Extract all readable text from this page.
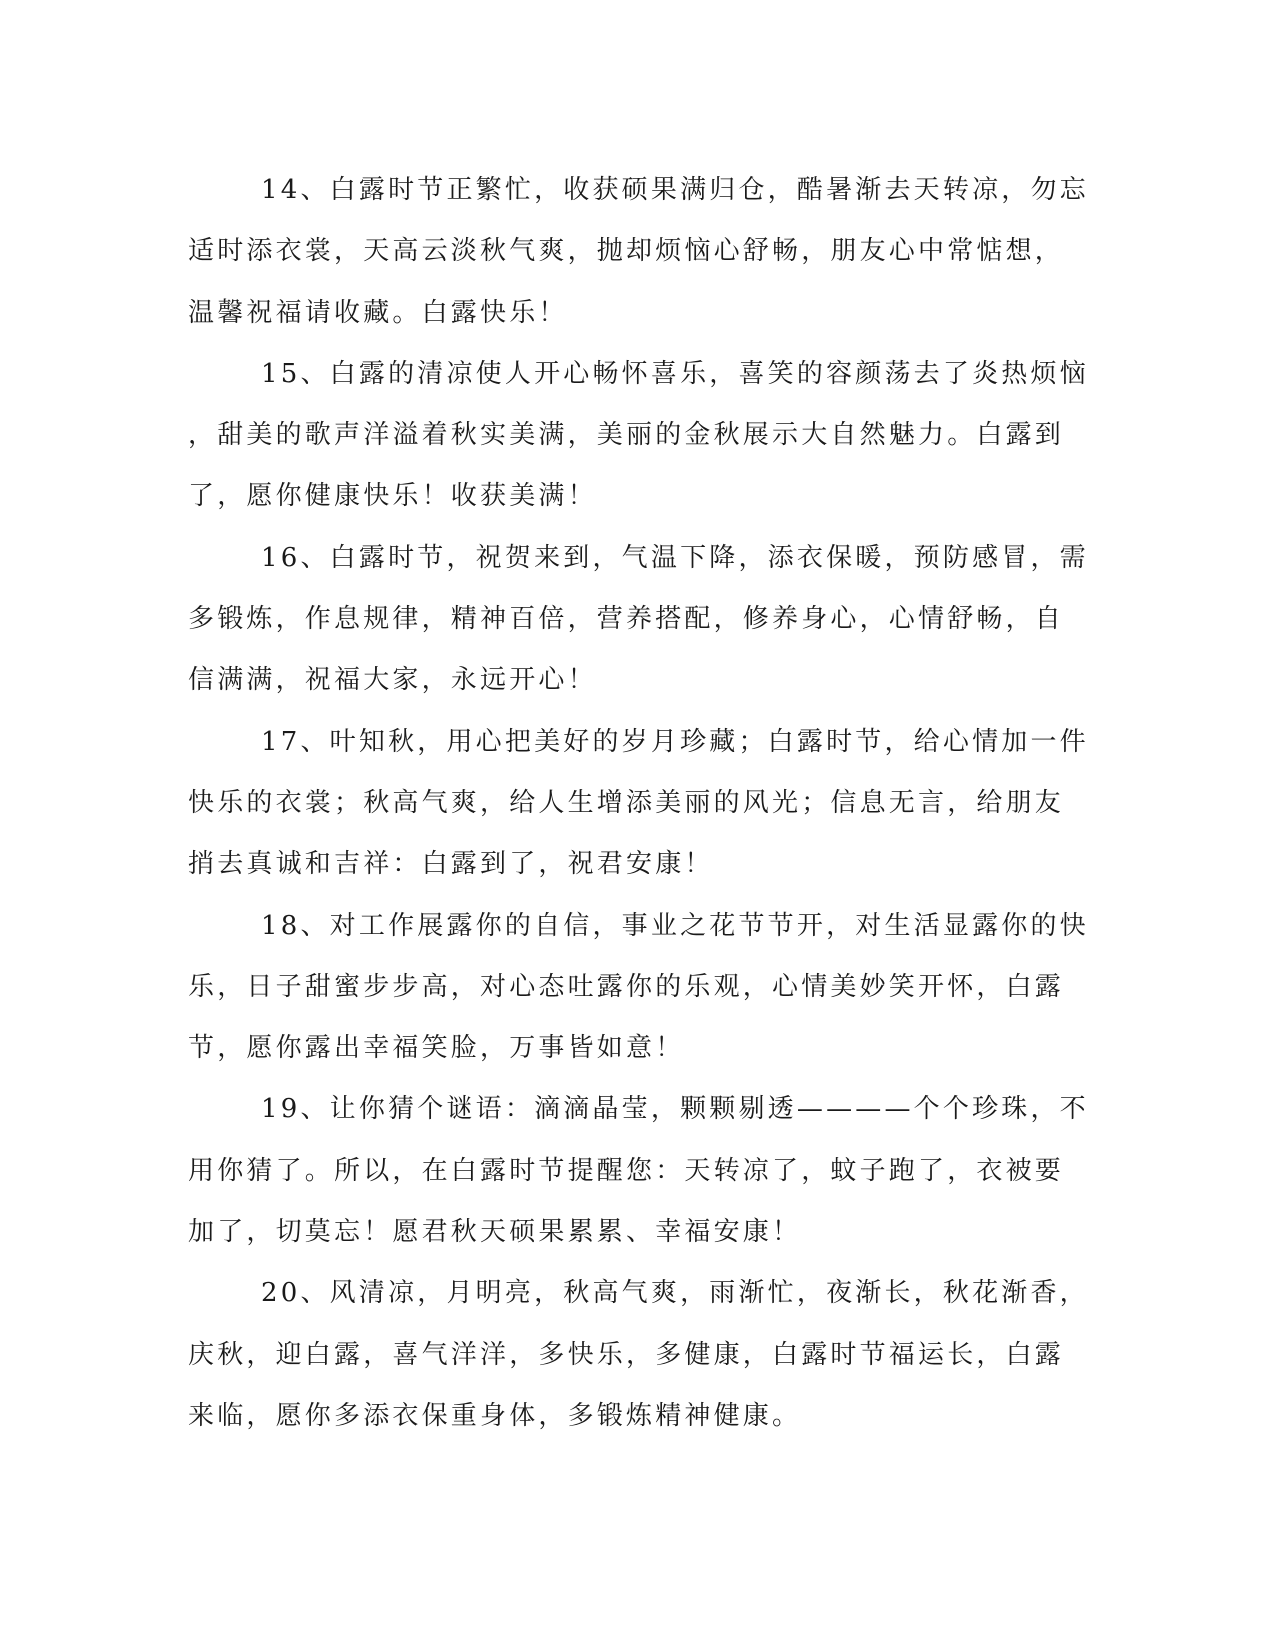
14、白露时节正繁忙，收获硕果满归仓，酷暑渐去天转凉，勿忘
适时添衣裳，天高云淡秋气爽，抛却烦恼心舒畅，朋友心中常惦想，
温馨祝福请收藏。白露快乐！
15、白露的清凉使人开心畅怀喜乐，喜笑的容颜荡去了炎热烦恼
，甜美的歌声洋溢着秋实美满，美丽的金秋展示大自然魅力。白露到
了，愿你健康快乐！收获美满！
16、白露时节，祝贺来到，气温下降，添衣保暖，预防感冒，需
多锻炼，作息规律，精神百倍，营养搭配，修养身心，心情舒畅，自
信满满，祝福大家，永远开心！
17、叶知秋，用心把美好的岁月珍藏；白露时节，给心情加一件
快乐的衣裳；秋高气爽，给人生增添美丽的风光；信息无言，给朋友
捎去真诚和吉祥：白露到了，祝君安康！
18、对工作展露你的自信，事业之花节节开，对生活显露你的快
乐，日子甜蜜步步高，对心态吐露你的乐观，心情美妙笑开怀，白露
节，愿你露出幸福笑脸，万事皆如意！
19、让你猜个谜语：滴滴晶莹，颗颗剔透————个个珍珠，不
用你猜了。所以，在白露时节提醒您：天转凉了，蚊子跑了，衣被要
加了，切莫忘！愿君秋天硕果累累、幸福安康！
20、风清凉，月明亮，秋高气爽，雨渐忙，夜渐长，秋花渐香，
庆秋，迎白露，喜气洋洋，多快乐，多健康，白露时节福运长，白露
来临，愿你多添衣保重身体，多锻炼精神健康。
